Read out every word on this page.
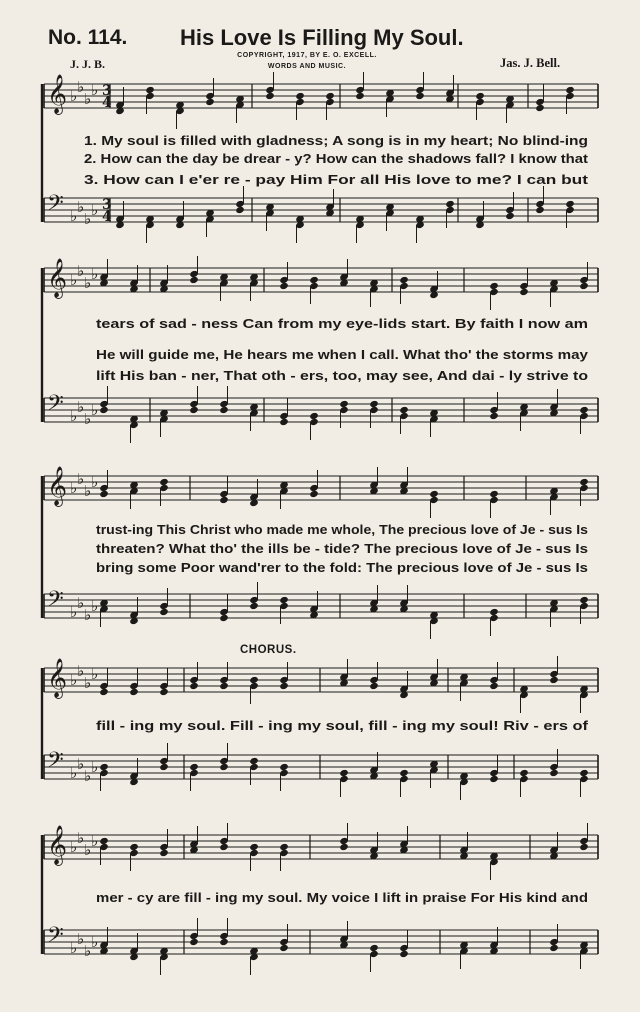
No. 114. His Love Is Filling My Soul.
J. J. B.
COPYRIGHT, 1917, BY E. O. EXCELL.
WORDS AND MUSIC.	Jas. J. Bell.
CHORUS.
𝄞 ♭ ♭
♭ ♭ 3
4
𝄢 ♭ ♭
♭ ♭ 3
4
1. My soul is filled with gladness; A song is in my heart; No blind-ing
2. How can the day be drear - y? How can the shadows fall? I know that
3. How can I e'er re - pay Him For all His love to me? I can but
𝄞 ♭ ♭
♭ ♭
𝄢 ♭ ♭
♭ ♭
tears of sad - ness Can from my eye-lids start. By faith I now am
He will guide me, He hears me when I call. What tho' the storms may
lift His ban - ner, That oth - ers, too, may see, And dai - ly strive to
𝄞 ♭ ♭
♭ ♭
𝄢 ♭ ♭
♭ ♭
trust-ing This Christ who made me whole, The precious love of Je - sus Is
threaten? What tho' the ills be - tide? The precious love of Je - sus Is
bring some Poor wand'rer to the fold: The precious love of Je - sus Is
𝄞 ♭ ♭
♭ ♭
𝄢 ♭ ♭
♭ ♭
fill - ing my soul. Fill - ing my soul, fill - ing my soul! Riv - ers of
𝄞 ♭ ♭
♭ ♭
𝄢 ♭ ♭
♭ ♭
mer - cy are fill - ing my soul. My voice I lift in praise For His kind and
